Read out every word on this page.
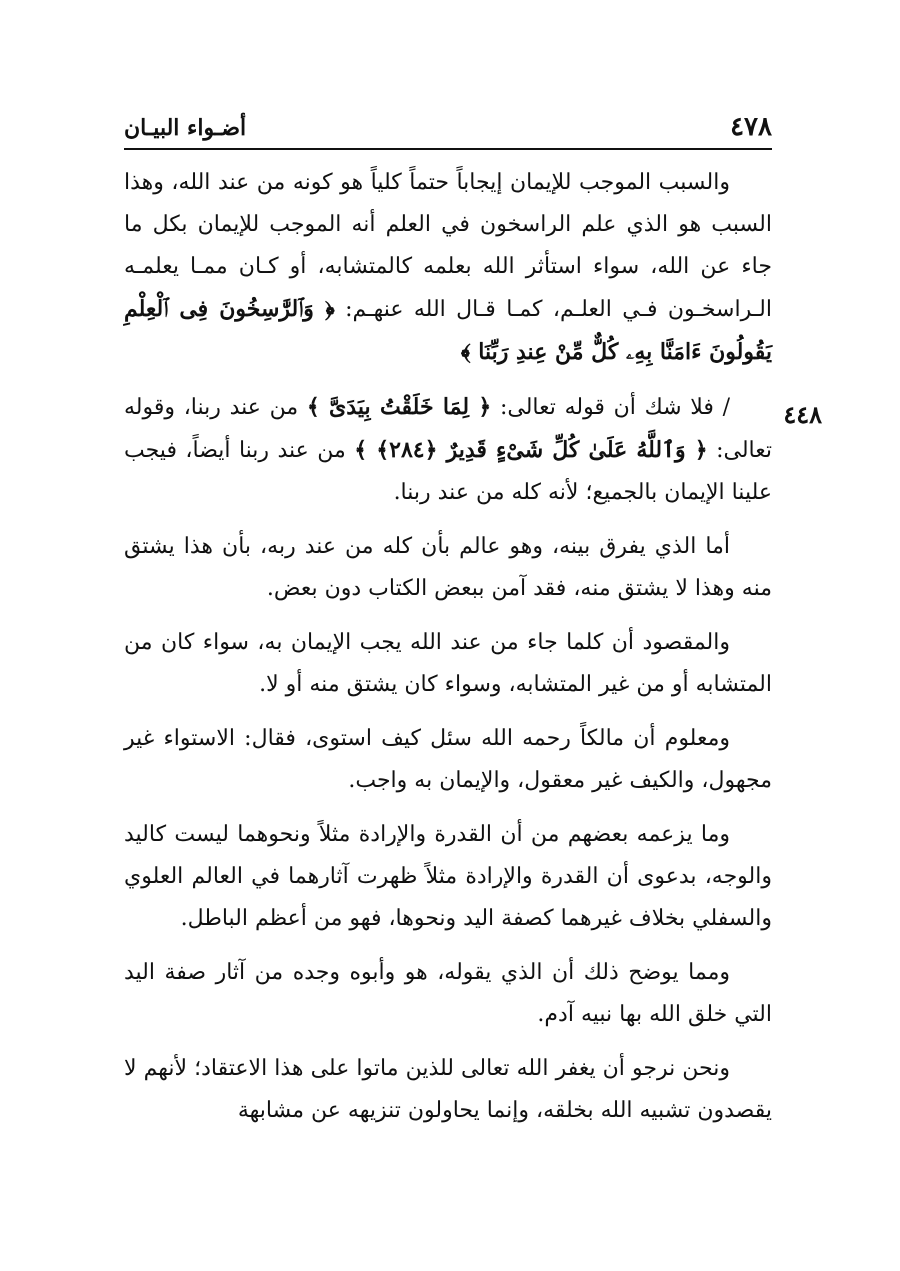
٤٧٨
أضـواء البيـان
٤٤٨

والسبب الموجب للإيمان إيجاباً حتماً كلياً هو كونه من عند الله، وهذا السبب هو الذي علم الراسخون في العلم أنه الموجب للإيمان بكل ما جاء عن الله، سواء استأثر الله بعلمه كالمتشابه، أو كـان ممـا يعلمـه الـراسخـون فـي العلـم، كمـا قـال الله عنهـم: ﴿ وَٱلرَّٰسِخُونَ فِى ٱلْعِلْمِ يَقُولُونَ ءَامَنَّا بِهِۦ كُلٌّ مِّنْ عِندِ رَبِّنَا ﴾

/ فلا شك أن قوله تعالى: ﴿ لِمَا خَلَقْتُ بِيَدَىَّ ﴾ من عند ربنا، وقوله تعالى: ﴿ وَٱللَّهُ عَلَىٰ كُلِّ شَىْءٍ قَدِيرٌ ﴿٢٨٤﴾ ﴾ من عند ربنا أيضاً، فيجب علينا الإيمان بالجميع؛ لأنه كله من عند ربنا.

أما الذي يفرق بينه، وهو عالم بأن كله من عند ربه، بأن هذا يشتق منه وهذا لا يشتق منه، فقد آمن ببعض الكتاب دون بعض.

والمقصود أن كلما جاء من عند الله يجب الإيمان به، سواء كان من المتشابه أو من غير المتشابه، وسواء كان يشتق منه أو لا.

ومعلوم أن مالكاً رحمه الله سئل كيف استوى، فقال: الاستواء غير مجهول، والكيف غير معقول، والإيمان به واجب.

وما يزعمه بعضهم من أن القدرة والإرادة مثلاً ونحوهما ليست كاليد والوجه، بدعوى أن القدرة والإرادة مثلاً ظهرت آثارهما في العالم العلوي والسفلي بخلاف غيرهما كصفة اليد ونحوها، فهو من أعظم الباطل.

ومما يوضح ذلك أن الذي يقوله، هو وأبوه وجده من آثار صفة اليد التي خلق الله بها نبيه آدم.

ونحن نرجو أن يغفر الله تعالى للذين ماتوا على هذا الاعتقاد؛ لأنهم لا يقصدون تشبيه الله بخلقه، وإنما يحاولون تنزيهه عن مشابهة
